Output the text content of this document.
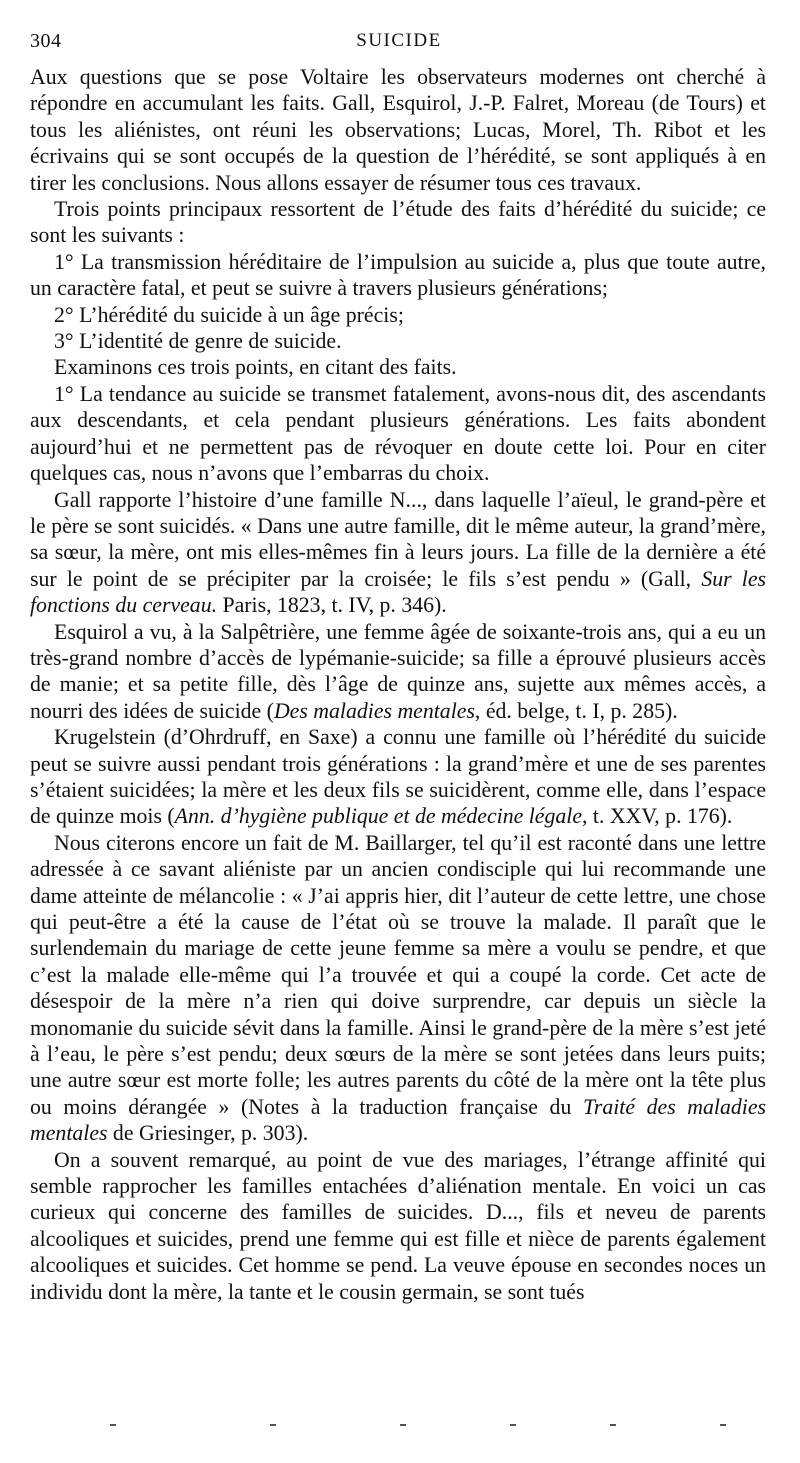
304	SUICIDE

Aux questions que se pose Voltaire les observateurs modernes ont cherché à répondre en accumulant les faits. Gall, Esquirol, J.-P. Falret, Moreau (de Tours) et tous les aliénistes, ont réuni les observations; Lucas, Morel, Th. Ribot et les écrivains qui se sont occupés de la question de l’hérédité, se sont appliqués à en tirer les conclusions. Nous allons essayer de résumer tous ces travaux.

Trois points principaux ressortent de l’étude des faits d’hérédité du suicide; ce sont les suivants :

1° La transmission héréditaire de l’impulsion au suicide a, plus que toute autre, un caractère fatal, et peut se suivre à travers plusieurs générations;

2° L’hérédité du suicide à un âge précis;

3° L’identité de genre de suicide.

Examinons ces trois points, en citant des faits.

1° La tendance au suicide se transmet fatalement, avons-nous dit, des ascendants aux descendants, et cela pendant plusieurs générations. Les faits abondent aujourd’hui et ne permettent pas de révoquer en doute cette loi. Pour en citer quelques cas, nous n’avons que l’embarras du choix.

Gall rapporte l’histoire d’une famille N..., dans laquelle l’aïeul, le grand-père et le père se sont suicidés. « Dans une autre famille, dit le même auteur, la grand’mère, sa sœur, la mère, ont mis elles-mêmes fin à leurs jours. La fille de la dernière a été sur le point de se précipiter par la croisée; le fils s’est pendu » (Gall, Sur les fonctions du cerveau. Paris, 1823, t. IV, p. 346).

Esquirol a vu, à la Salpêtrière, une femme âgée de soixante-trois ans, qui a eu un très-grand nombre d’accès de lypémanie-suicide; sa fille a éprouvé plusieurs accès de manie; et sa petite fille, dès l’âge de quinze ans, sujette aux mêmes accès, a nourri des idées de suicide (Des maladies mentales, éd. belge, t. I, p. 285).

Krugelstein (d’Ohrdruff, en Saxe) a connu une famille où l’hérédité du suicide peut se suivre aussi pendant trois générations : la grand’mère et une de ses parentes s’étaient suicidées; la mère et les deux fils se suicidèrent, comme elle, dans l’espace de quinze mois (Ann. d’hygiène publique et de médecine légale, t. XXV, p. 176).

Nous citerons encore un fait de M. Baillarger, tel qu’il est raconté dans une lettre adressée à ce savant aliéniste par un ancien condisciple qui lui recommande une dame atteinte de mélancolie : « J’ai appris hier, dit l’auteur de cette lettre, une chose qui peut-être a été la cause de l’état où se trouve la malade. Il paraît que le surlendemain du mariage de cette jeune femme sa mère a voulu se pendre, et que c’est la malade elle-même qui l’a trouvée et qui a coupé la corde. Cet acte de désespoir de la mère n’a rien qui doive surprendre, car depuis un siècle la monomanie du suicide sévit dans la famille. Ainsi le grand-père de la mère s’est jeté à l’eau, le père s’est pendu; deux sœurs de la mère se sont jetées dans leurs puits; une autre sœur est morte folle; les autres parents du côté de la mère ont la tête plus ou moins dérangée » (Notes à la traduction française du Traité des maladies mentales de Griesinger, p. 303).

On a souvent remarqué, au point de vue des mariages, l’étrange affinité qui semble rapprocher les familles entachées d’aliénation mentale. En voici un cas curieux qui concerne des familles de suicides. D..., fils et neveu de parents alcooliques et suicides, prend une femme qui est fille et nièce de parents également alcooliques et suicides. Cet homme se pend. La veuve épouse en secondes noces un individu dont la mère, la tante et le cousin germain, se sont tués
